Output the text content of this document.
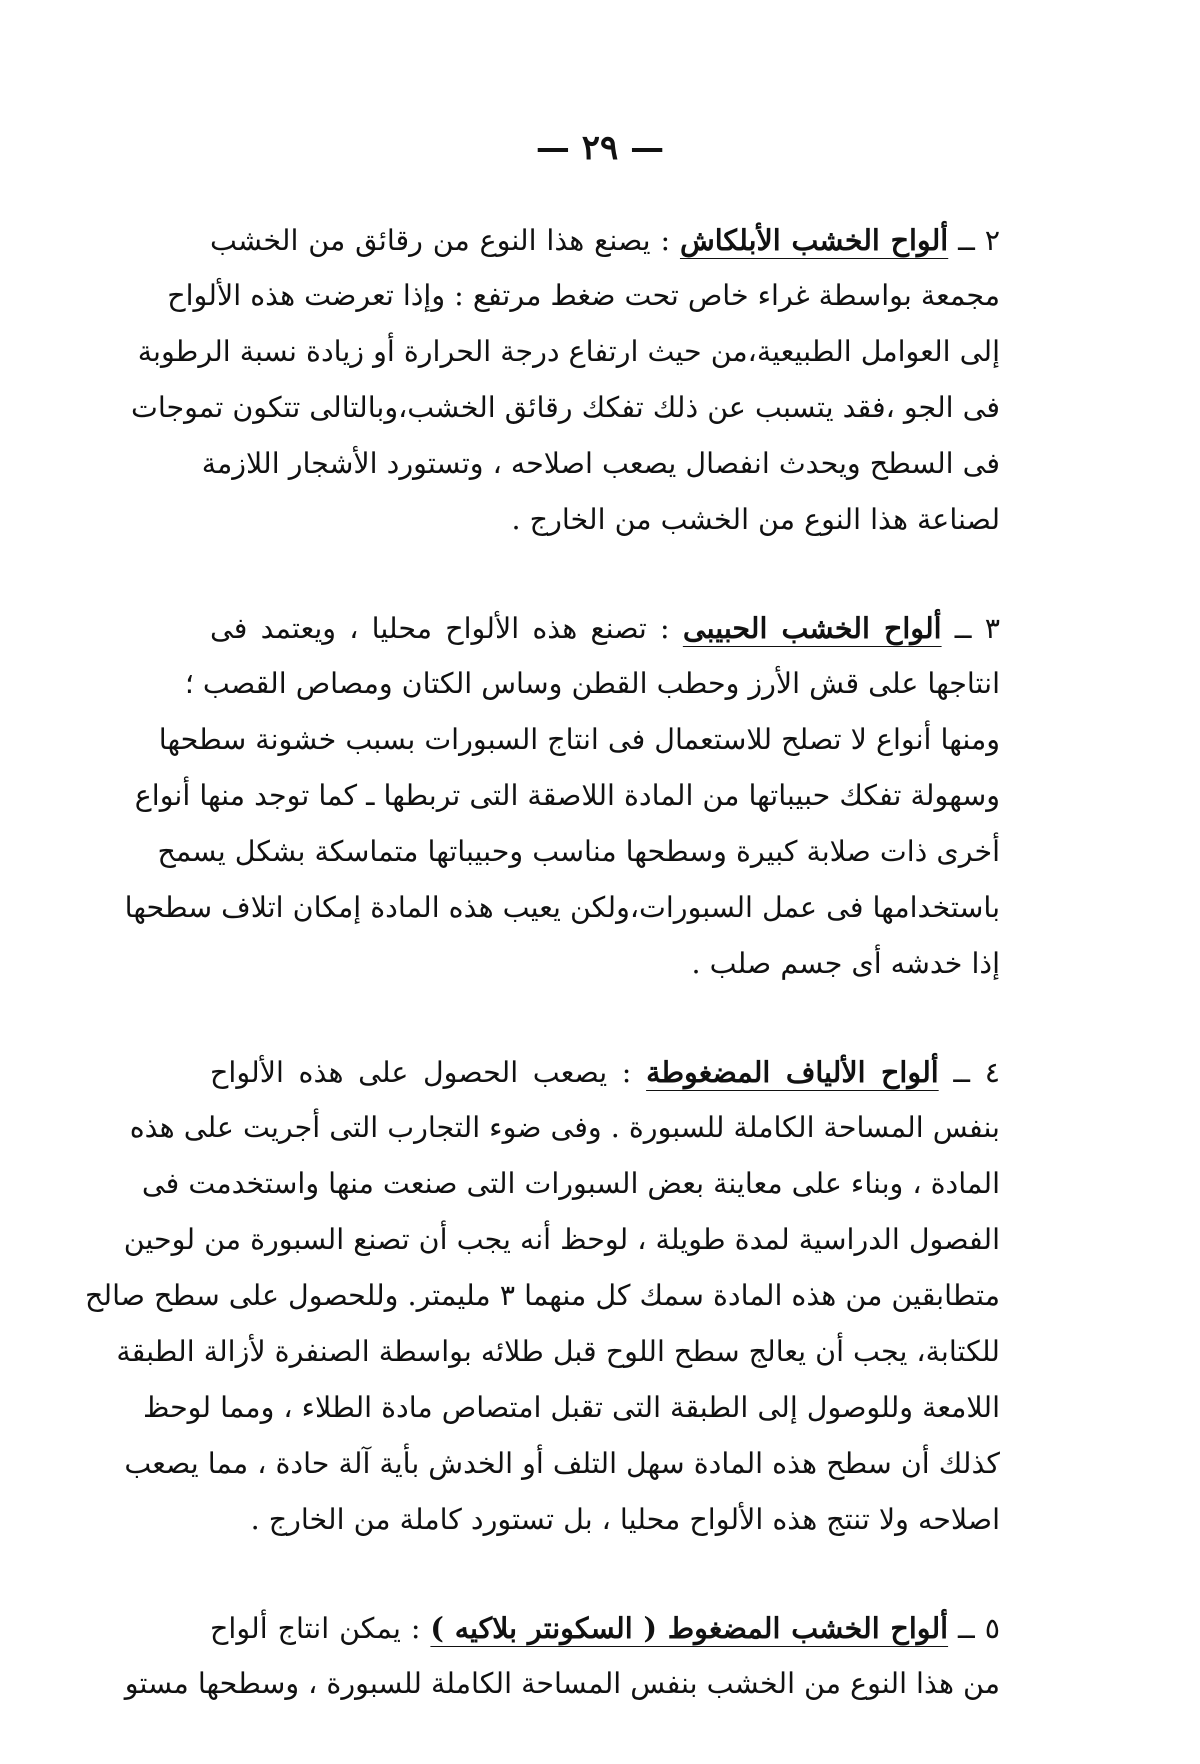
— ٢٩ —
٢ ــ ألواح الخشب الأبلكاش : يصنع هذا النوع من رقائق من الخشب
مجمعة بواسطة غراء خاص تحت ضغط مرتفع : وإذا تعرضت هذه الألواح
إلى العوامل الطبيعية،من حيث ارتفاع درجة الحرارة أو زيادة نسبة الرطوبة
فى الجو ،فقد يتسبب عن ذلك تفكك رقائق الخشب،وبالتالى تتكون تموجات
فى السطح ويحدث انفصال يصعب اصلاحه ، وتستورد الأشجار اللازمة
لصناعة هذا النوع من الخشب من الخارج .
٣ ــ ألواح الخشب الحبيبى : تصنع هذه الألواح محليا ، ويعتمد فى
انتاجها على قش الأرز وحطب القطن وساس الكتان ومصاص القصب ؛
ومنها أنواع لا تصلح للاستعمال فى انتاج السبورات بسبب خشونة سطحها
وسهولة تفكك حبيباتها من المادة اللاصقة التى تربطها ـ كما توجد منها أنواع
أخرى ذات صلابة كبيرة وسطحها مناسب وحبيباتها متماسكة بشكل يسمح
باستخدامها فى عمل السبورات،ولكن يعيب هذه المادة إمكان اتلاف سطحها
إذا خدشه أى جسم صلب .
٤ ــ ألواح الألياف المضغوطة : يصعب الحصول على هذه الألواح
بنفس المساحة الكاملة للسبورة . وفى ضوء التجارب التى أجريت على هذه
المادة ، وبناء على معاينة بعض السبورات التى صنعت منها واستخدمت فى
الفصول الدراسية لمدة طويلة ، لوحظ أنه يجب أن تصنع السبورة من لوحين
متطابقين من هذه المادة سمك كل منهما ٣ مليمتر. وللحصول على سطح صالح
للكتابة، يجب أن يعالج سطح اللوح قبل طلائه بواسطة الصنفرة لأزالة الطبقة
اللامعة وللوصول إلى الطبقة التى تقبل امتصاص مادة الطلاء ، ومما لوحظ
كذلك أن سطح هذه المادة سهل التلف أو الخدش بأية آلة حادة ، مما يصعب
اصلاحه ولا تنتج هذه الألواح محليا ، بل تستورد كاملة من الخارج .
٥ ــ ألواح الخشب المضغوط ( السكونتر بلاكيه ) : يمكن انتاج ألواح
من هذا النوع من الخشب بنفس المساحة الكاملة للسبورة ، وسطحها مستو
